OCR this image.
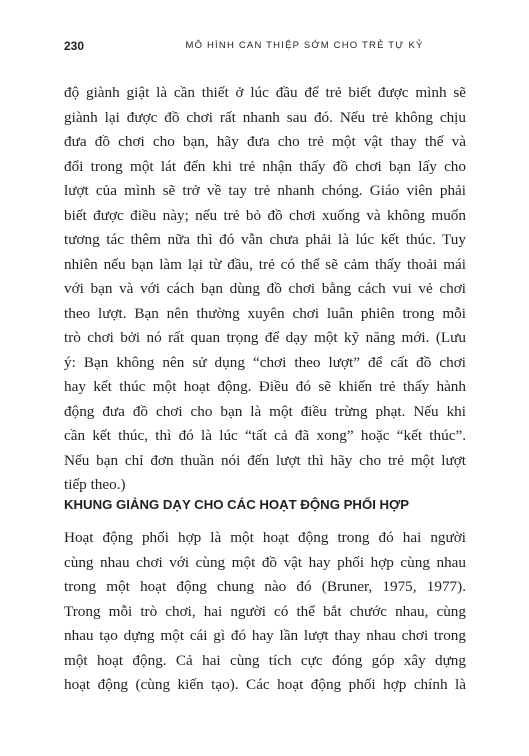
230	MÔ HÌNH CAN THIỆP SỚM CHO TRẺ TỰ KỶ
độ giành giật là cần thiết ở lúc đầu để trẻ biết được mình sẽ
giành lại được đồ chơi rất nhanh sau đó. Nếu trẻ không chịu
đưa đồ chơi cho bạn, hãy đưa cho trẻ một vật thay thế và
đổi trong một lát đến khi trẻ nhận thấy đồ chơi bạn lấy cho
lượt của mình sẽ trở về tay trẻ nhanh chóng. Giáo viên phải
biết được điều này; nếu trẻ bỏ đồ chơi xuống và không muốn
tương tác thêm nữa thì đó vẫn chưa phải là lúc kết thúc. Tuy
nhiên nếu bạn làm lại từ đầu, trẻ có thể sẽ cảm thấy thoải mái
với bạn và với cách bạn dùng đồ chơi bằng cách vui vẻ chơi
theo lượt. Bạn nên thường xuyên chơi luân phiên trong mỗi
trò chơi bởi nó rất quan trọng để dạy một kỹ năng mới. (Lưu
ý: Bạn không nên sử dụng “chơi theo lượt” để cất đồ chơi
hay kết thúc một hoạt động. Điều đó sẽ khiến trẻ thấy hành
động đưa đồ chơi cho bạn là một điều trừng phạt. Nếu khi
cần kết thúc, thì đó là lúc “tất cả đã xong” hoặc “kết thúc”.
Nếu bạn chỉ đơn thuần nói đến lượt thì hãy cho trẻ một lượt
tiếp theo.)
KHUNG GIẢNG DẠY CHO CÁC HOẠT ĐỘNG PHỐI HỢP
Hoạt động phối hợp là một hoạt động trong đó hai người
cùng nhau chơi với cùng một đồ vật hay phối hợp cùng nhau
trong một hoạt động chung nào đó (Bruner, 1975, 1977).
Trong mỗi trò chơi, hai người có thể bắt chước nhau, cùng
nhau tạo dựng một cái gì đó hay lần lượt thay nhau chơi trong
một hoạt động. Cả hai cùng tích cực đóng góp xây dựng
hoạt động (cùng kiến tạo). Các hoạt động phối hợp chính là
